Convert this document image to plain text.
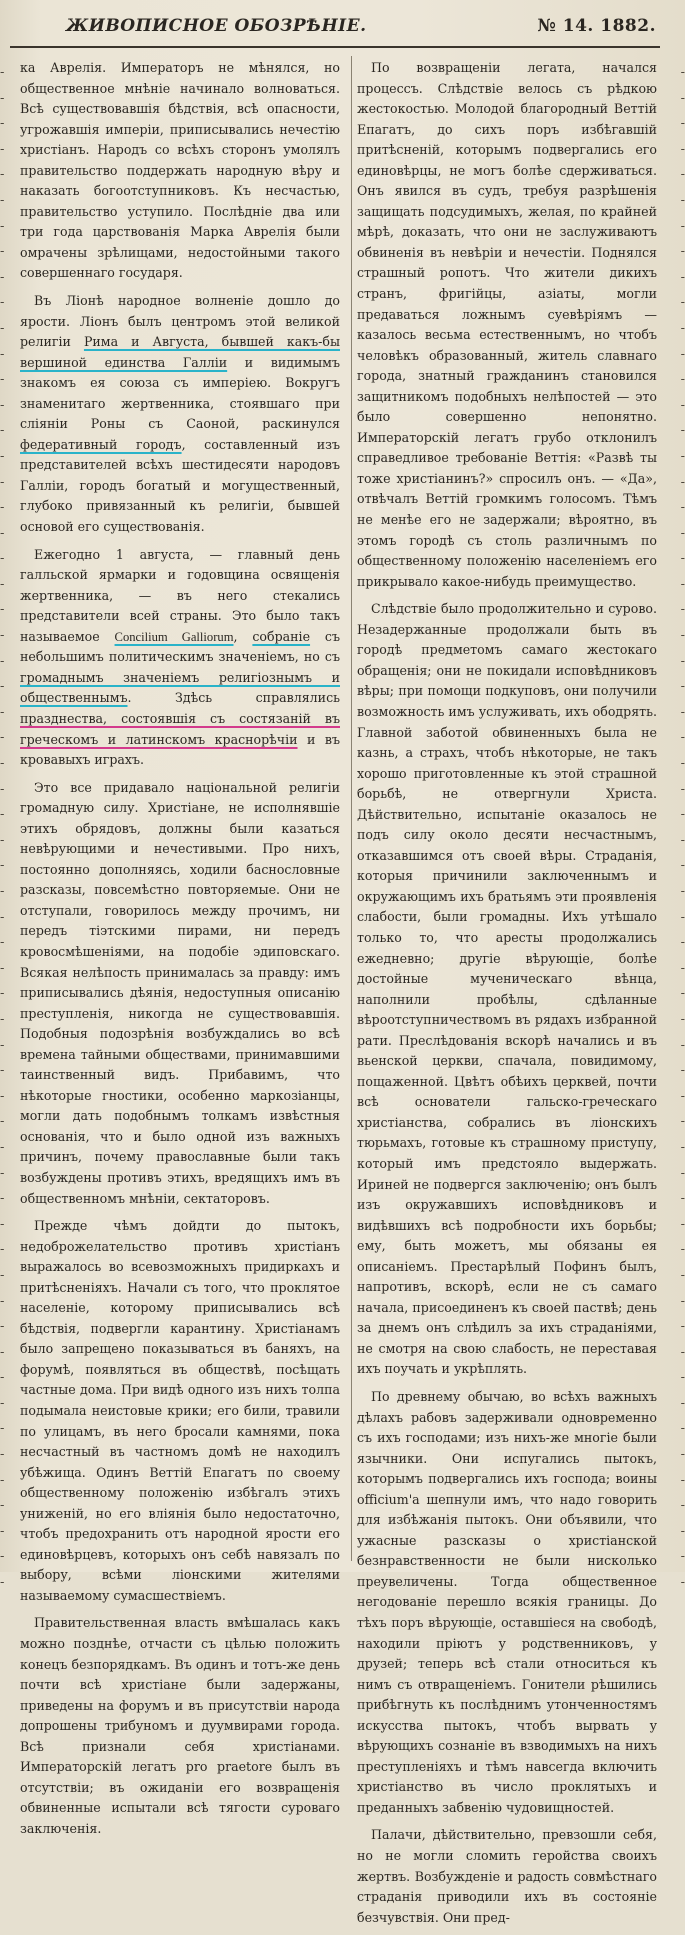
ЖИВОПИСНОЕ ОБОЗРѢНІЕ.	№ 14. 1882.
- - - - - - - - - - - - - - - - - - - - - - - - - - - - - - - - - - - - - - - - - - - - - - - - - - - - - - - - - - - -
- - - - - - - - - - - - - - - - - - - - - - - - - - - - - - - - - - - - - - - - - - - - - - - - - - - - - - - - - - - -

ка Аврелія. Императоръ не мѣнялся, но общественное мнѣніе начинало волноваться. Всѣ существовавшія бѣдствія, всѣ опасности, угрожавшія имперіи, приписывались нечестію христіанъ. Народъ со всѣхъ сторонъ умолялъ правительство поддержать народную вѣру и наказать богоотступниковъ. Къ несчастью, правительство уступило. Послѣдніе два или три года царствованія Марка Аврелія были омрачены зрѣлищами, недостойными такого совершеннаго государя.

Въ Ліонѣ народное волненіе дошло до ярости. Ліонъ былъ центромъ этой великой религіи Рима и Августа, бывшей какъ-бы вершиной единства Галліи и видимымъ знакомъ ея союза съ имперіею. Вокругъ знаменитаго жертвенника, стоявшаго при сліяніи Роны съ Саоной, раскинулся федеративный городъ, составленный изъ представителей всѣхъ шестидесяти народовъ Галліи, городъ богатый и могущественный, глубоко привязанный къ религіи, бывшей основой его существованія.

Ежегодно 1 августа, — главный день галльской ярмарки и годовщина освященія жертвенника, — въ него стекались представители всей страны. Это было такъ называемое Concilium Galliorum, собраніе съ небольшимъ политическимъ значеніемъ, но съ громаднымъ значеніемъ религіознымъ и общественнымъ. Здѣсь справлялись празднества, состоявшія съ состязаній въ греческомъ и латинскомъ краснорѣчіи и въ кровавыхъ играхъ.

Это все придавало національной религіи громадную силу. Христіане, не исполнявшіе этихъ обрядовъ, должны были казаться невѣрующими и нечестивыми. Про нихъ, постоянно дополняясь, ходили баснословные разсказы, повсемѣстно повторяемые. Они не отступали, говорилось между прочимъ, ни передъ тіэтскими пирами, ни передъ кровосмѣшеніями, на подобіе эдиповскаго. Всякая нелѣпость принималась за правду: имъ приписывались дѣянія, недоступныя описанію преступленія, никогда не существовавшія. Подобныя подозрѣнія возбуждались во всѣ времена тайными обществами, принимавшими таинственный видъ. Прибавимъ, что нѣкоторые гностики, особенно маркозіанцы, могли дать подобнымъ толкамъ извѣстныя основанія, что и было одной изъ важныхъ причинъ, почему православные были такъ возбуждены противъ этихъ, вредящихъ имъ въ общественномъ мнѣніи, сектаторовъ.

Прежде чѣмъ дойдти до пытокъ, недоброжелательство противъ христіанъ выражалось во всевозможныхъ придиркахъ и притѣсненіяхъ. Начали съ того, что проклятое населеніе, которому приписывались всѣ бѣдствія, подвергли карантину. Христіанамъ было запрещено показываться въ баняхъ, на форумѣ, появляться въ обществѣ, посѣщать частные дома. При видѣ одного изъ нихъ толпа подымала неистовые крики; его били, травили по улицамъ, въ него бросали камнями, пока несчастный въ частномъ домѣ не находилъ убѣжища. Одинъ Веттій Епагатъ по своему общественному положенію избѣгалъ этихъ униженій, но его вліянія было недостаточно, чтобъ предохранить отъ народной ярости его единовѣрцевъ, которыхъ онъ себѣ навязалъ по выбору, всѣми ліонскими жителями называемому сумасшествіемъ.

Правительственная власть вмѣшалась какъ можно позднѣе, отчасти съ цѣлью положить конецъ безпорядкамъ. Въ одинъ и тотъ-же день почти всѣ христіане были задержаны, приведены на форумъ и въ присутствіи народа допрошены трибуномъ и дуумвирами города. Всѣ признали себя христіанами. Императорскій легатъ pro praetore былъ въ отсутствіи; въ ожиданіи его возвращенія обвиненные испытали всѣ тягости суроваго заключенія.

По возвращеніи легата, начался процессъ. Слѣдствіе велось съ рѣдкою жестокостью. Молодой благородный Веттій Епагатъ, до сихъ поръ избѣгавшій притѣсненій, которымъ подвергались его единовѣрцы, не могъ болѣе сдерживаться. Онъ явился въ судъ, требуя разрѣшенія защищать подсудимыхъ, желая, по крайней мѣрѣ, доказать, что они не заслуживаютъ обвиненія въ невѣріи и нечестіи. Поднялся страшный ропотъ. Что жители дикихъ странъ, фригійцы, азіаты, могли предаваться ложнымъ суевѣріямъ — казалось весьма естественнымъ, но чтобъ человѣкъ образованный, житель славнаго города, знатный гражданинъ становился защитникомъ подобныхъ нелѣпостей — это было совершенно непонятно. Императорскій легатъ грубо отклонилъ справедливое требованіе Веттія: «Развѣ ты тоже христіанинъ?» спросилъ онъ. — «Да», отвѣчалъ Веттій громкимъ голосомъ. Тѣмъ не менѣе его не задержали; вѣроятно, въ этомъ городѣ съ столь различнымъ по общественному положенію населеніемъ его прикрывало какое-нибудь преимущество.

Слѣдствіе было продолжительно и сурово. Незадержанные продолжали быть въ городѣ предметомъ самаго жестокаго обращенія; они не покидали исповѣдниковъ вѣры; при помощи подкуповъ, они получили возможность имъ услуживать, ихъ ободрять. Главной заботой обвиненныхъ была не казнь, а страхъ, чтобъ нѣкоторые, не такъ хорошо приготовленные къ этой страшной борьбѣ, не отвергнули Христа. Дѣйствительно, испытаніе оказалось не подъ силу около десяти несчастнымъ, отказавшимся отъ своей вѣры. Страданія, которыя причинили заключеннымъ и окружающимъ ихъ братьямъ эти проявленія слабости, были громадны. Ихъ утѣшало только то, что аресты продолжались ежедневно; другіе вѣрующіе, болѣе достойные мученическаго вѣнца, наполнили пробѣлы, сдѣланные вѣроотступничествомъ въ рядахъ избранной рати. Преслѣдованія вскорѣ начались и въ вьенской церкви, спачала, повидимому, пощаженной. Цвѣтъ обѣихъ церквей, почти всѣ основатели гальско-греческаго христіанства, собрались въ ліонскихъ тюрьмахъ, готовые къ страшному приступу, который имъ предстояло выдержать. Ириней не подвергся заключенію; онъ былъ изъ окружавшихъ исповѣдниковъ и видѣвшихъ всѣ подробности ихъ борьбы; ему, быть можетъ, мы обязаны ея описаніемъ. Престарѣлый Пофинъ былъ, напротивъ, вскорѣ, если не съ самаго начала, присоединенъ къ своей паствѣ; день за днемъ онъ слѣдилъ за ихъ страданіями, не смотря на свою слабость, не переставая ихъ поучать и укрѣплять.

По древнему обычаю, во всѣхъ важныхъ дѣлахъ рабовъ задерживали одновременно съ ихъ господами; изъ нихъ-же многіе были язычники. Они испугались пытокъ, которымъ подвергались ихъ господа; воины officium'а шепнули имъ, что надо говорить для избѣжанія пытокъ. Они объявили, что ужасные разсказы о христіанской безнравственности не были нисколько преувеличены. Тогда общественное негодованіе перешло всякія границы. До тѣхъ поръ вѣрующіе, оставшіеся на свободѣ, находили пріютъ у родственниковъ, у друзей; теперь всѣ стали относиться къ нимъ съ отвращеніемъ. Гонители рѣшились прибѣгнуть къ послѣднимъ утонченностямъ искусства пытокъ, чтобъ вырвать у вѣрующихъ сознаніе въ взводимыхъ на нихъ преступленіяхъ и тѣмъ навсегда включить христіанство въ число проклятыхъ и преданныхъ забвенію чудовищностей.

Палачи, дѣйствительно, превзошли себя, но не могли сломить геройства своихъ жертвъ. Возбужденіе и радость совмѣстнаго страданія приводили ихъ въ состояніе безчувствія. Они пред-
